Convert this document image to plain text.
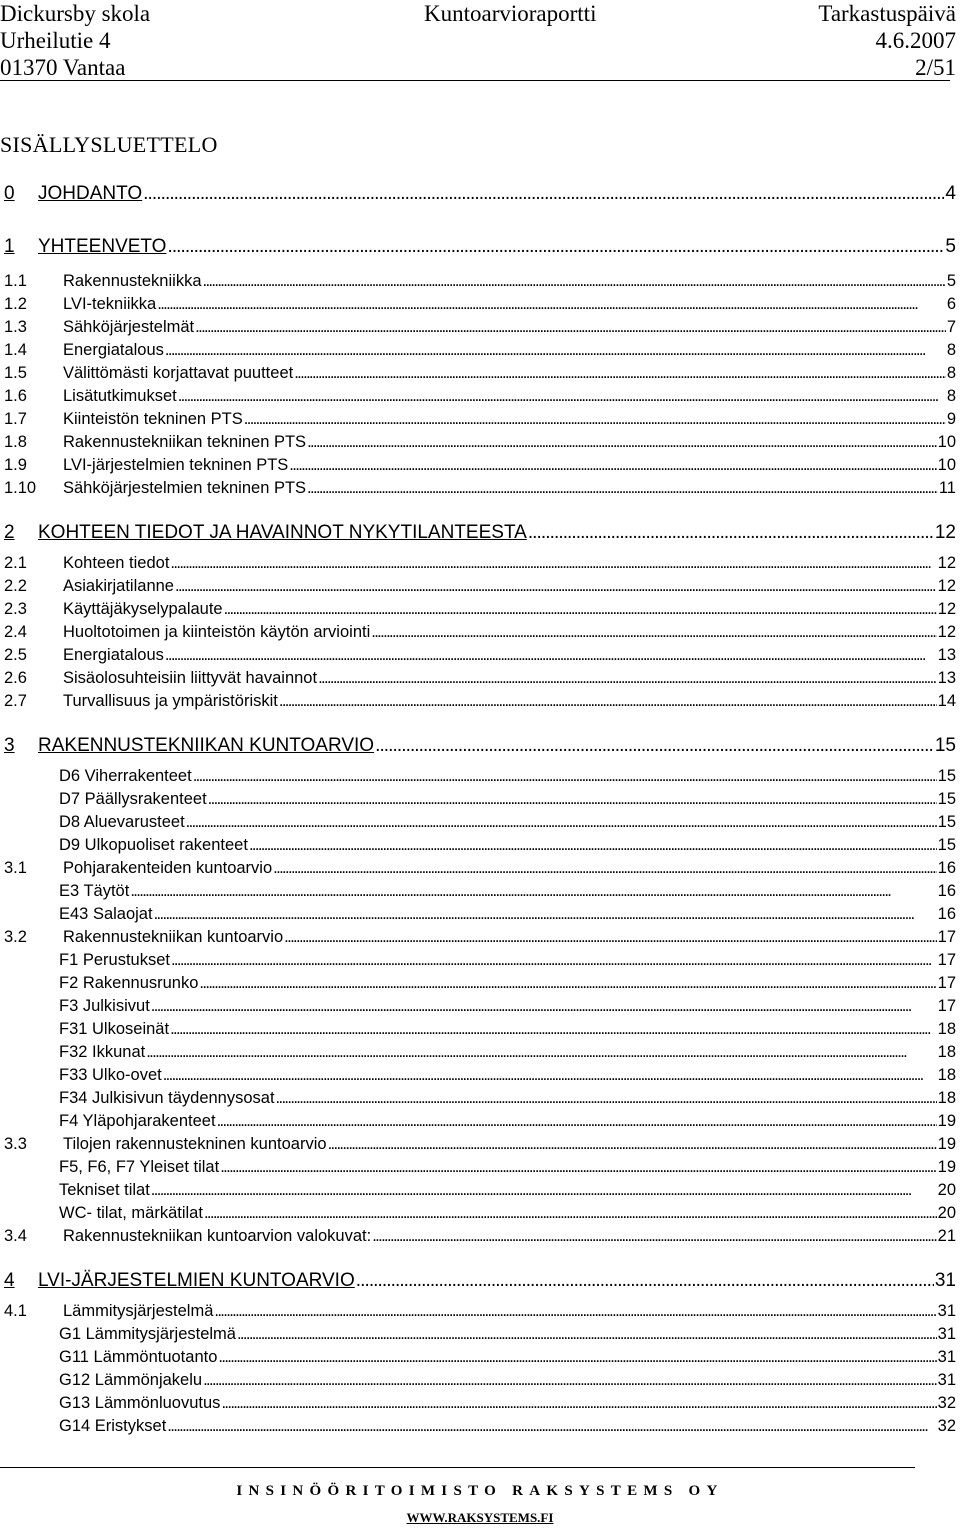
Dickursby skola	Kuntoarvioraportti	Tarkastuspäivä
Urheilutie 4	4.6.2007
01370 Vantaa	2/51
SISÄLLYSLUETTELO
0 JOHDANTO . . .	4
1 YHTEENVETO . . .	5
1.1 Rakennustekniikka . . .	5
1.2 LVI-tekniikka . . .	6
1.3 Sähköjärjestelmät . . .	7
1.4 Energiatalous . . .	8
1.5 Välittömästi korjattavat puutteet . . .	8
1.6 Lisätutkimukset . . .	8
1.7 Kiinteistön tekninen PTS . . .	9
1.8 Rakennustekniikan tekninen PTS . . .	10
1.9 LVI-järjestelmien tekninen PTS . . .	10
1.10 Sähköjärjestelmien tekninen PTS . . .	11
2 KOHTEEN TIEDOT JA HAVAINNOT NYKYTILANTEESTA . . .	12
2.1 Kohteen tiedot . . .	12
2.2 Asiakirjatilanne . . .	12
2.3 Käyttäjäkyselypalaute . . .	12
2.4 Huoltotoimen ja kiinteistön käytön arviointi . . .	12
2.5 Energiatalous . . .	13
2.6 Sisäolosuhteisiin liittyvät havainnot . . .	13
2.7 Turvallisuus ja ympäristöriskit . . .	14
3 RAKENNUSTEKNIIKAN KUNTOARVIO . . .	15
D6 Viherrakenteet . . .	15
D7 Päällysrakenteet . . .	15
D8 Aluevarusteet . . .	15
D9 Ulkopuoliset rakenteet . . .	15
3.1 Pohjarakenteiden kuntoarvio . . .	16
E3 Täytöt . . .	16
E43 Salaojat . . .	16
3.2 Rakennustekniikan kuntoarvio . . .	17
F1 Perustukset . . .	17
F2 Rakennusrunko . . .	17
F3 Julkisivut . . .	17
F31 Ulkoseinät . . .	18
F32 Ikkunat . . .	18
F33 Ulko-ovet . . .	18
F34 Julkisivun täydennysosat . . .	18
F4 Yläpohjarakenteet . . .	19
3.3 Tilojen rakennustekninen kuntoarvio . . .	19
F5, F6, F7 Yleiset tilat . . .	19
Tekniset tilat . . .	20
WC- tilat, märkätilat . . .	20
3.4 Rakennustekniikan kuntoarvion valokuvat: . . .	21
4 LVI-JÄRJESTELMIEN KUNTOARVIO . . .	31
4.1 Lämmitysjärjestelmä . . .	31
G1 Lämmitysjärjestelmä . . .	31
G11 Lämmöntuotanto . . .	31
G12 Lämmönjakelu . . .	31
G13 Lämmönluovutus . . .	32
G14 Eristykset . . .	32
INSINÖÖRITOIMISTO RAKSYSTEMS OY
WWW.RAKSYSTEMS.FI
